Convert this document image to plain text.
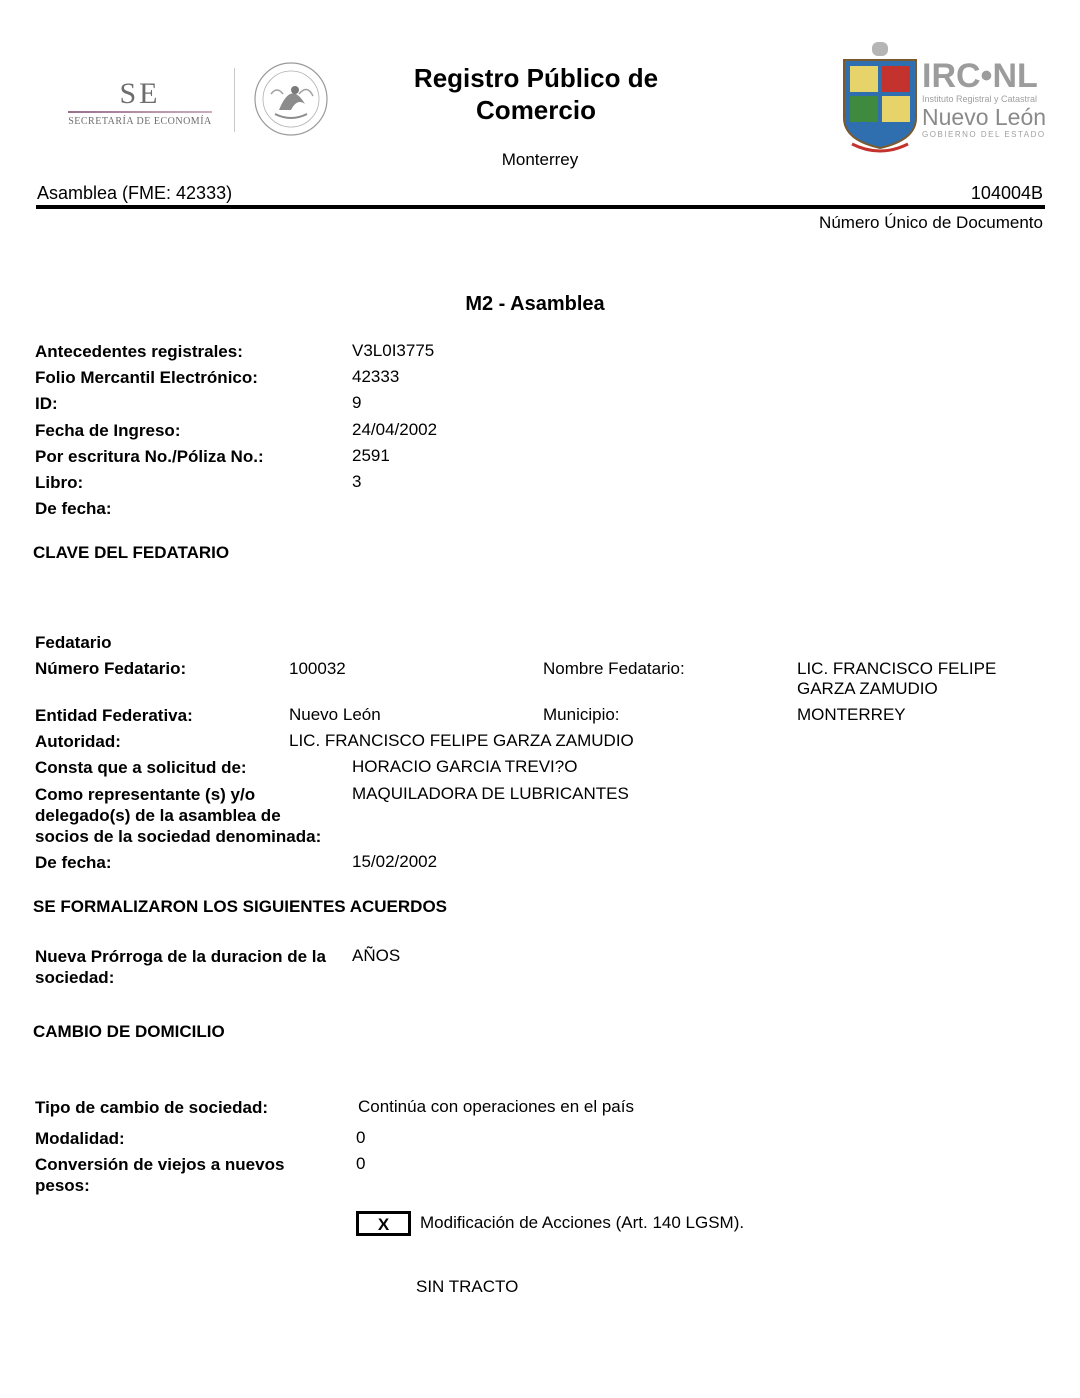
SE
SECRETARÍA DE ECONOMÍA
Registro Público de Comercio
Monterrey
IRC•NL
Instituto Registral y Catastral
Nuevo León
GOBIERNO DEL ESTADO
Asamblea (FME: 42333)	104004B
Número Único de Documento
M2 - Asamblea
Antecedentes registrales:	V3L0I3775
Folio Mercantil Electrónico:	42333
ID:	9
Fecha de Ingreso:	24/04/2002
Por escritura No./Póliza No.:	2591
Libro:	3
De fecha:
CLAVE DEL FEDATARIO
Fedatario
Número Fedatario:	100032	Nombre Fedatario:	LIC. FRANCISCO FELIPE
GARZA ZAMUDIO
Entidad Federativa:	Nuevo León	Municipio:	MONTERREY
Autoridad:	LIC. FRANCISCO FELIPE GARZA ZAMUDIO
Consta que a solicitud de:	HORACIO GARCIA TREVI?O
Como representante (s) y/o
delegado(s) de la asamblea de
socios de la sociedad denominada:
MAQUILADORA DE LUBRICANTES
De fecha:	15/02/2002
SE FORMALIZARON LOS SIGUIENTES ACUERDOS
Nueva Prórroga de la duracion de la
sociedad:
AÑOS
CAMBIO DE DOMICILIO
Tipo de cambio de sociedad:	Continúa con operaciones en el país
Modalidad:	0
Conversión de viejos a nuevos
pesos:
0
X	Modificación de Acciones (Art. 140 LGSM).
SIN TRACTO
